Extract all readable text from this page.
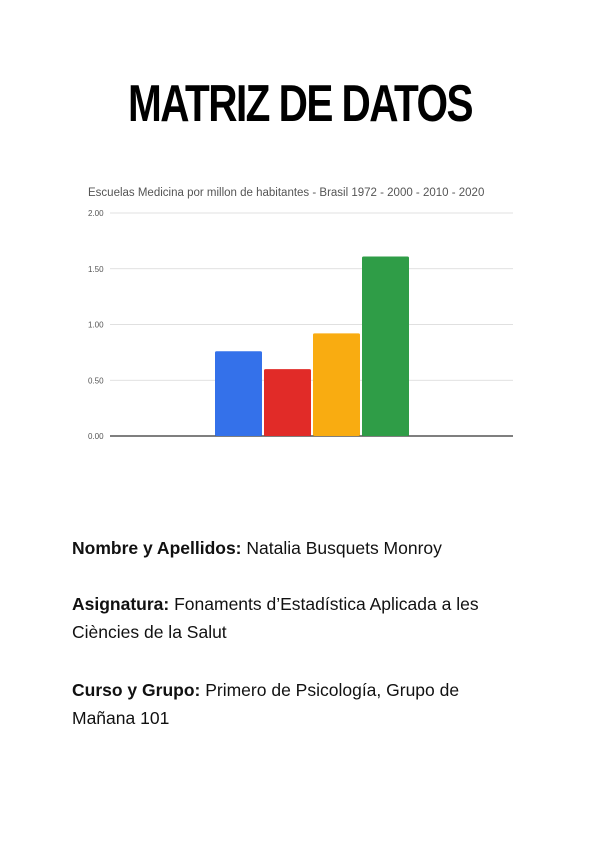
MATRIZ DE DATOS
Escuelas Medicina por millon de habitantes - Brasil 1972 - 2000 - 2010 - 2020
0.00
0.50
1.00
1.50
2.00
Nombre y Apellidos: Natalia Busquets Monroy
Asignatura: Fonaments d’Estadística Aplicada a les Ciències de la Salut
Curso y Grupo: Primero de Psicología, Grupo de Mañana 101
